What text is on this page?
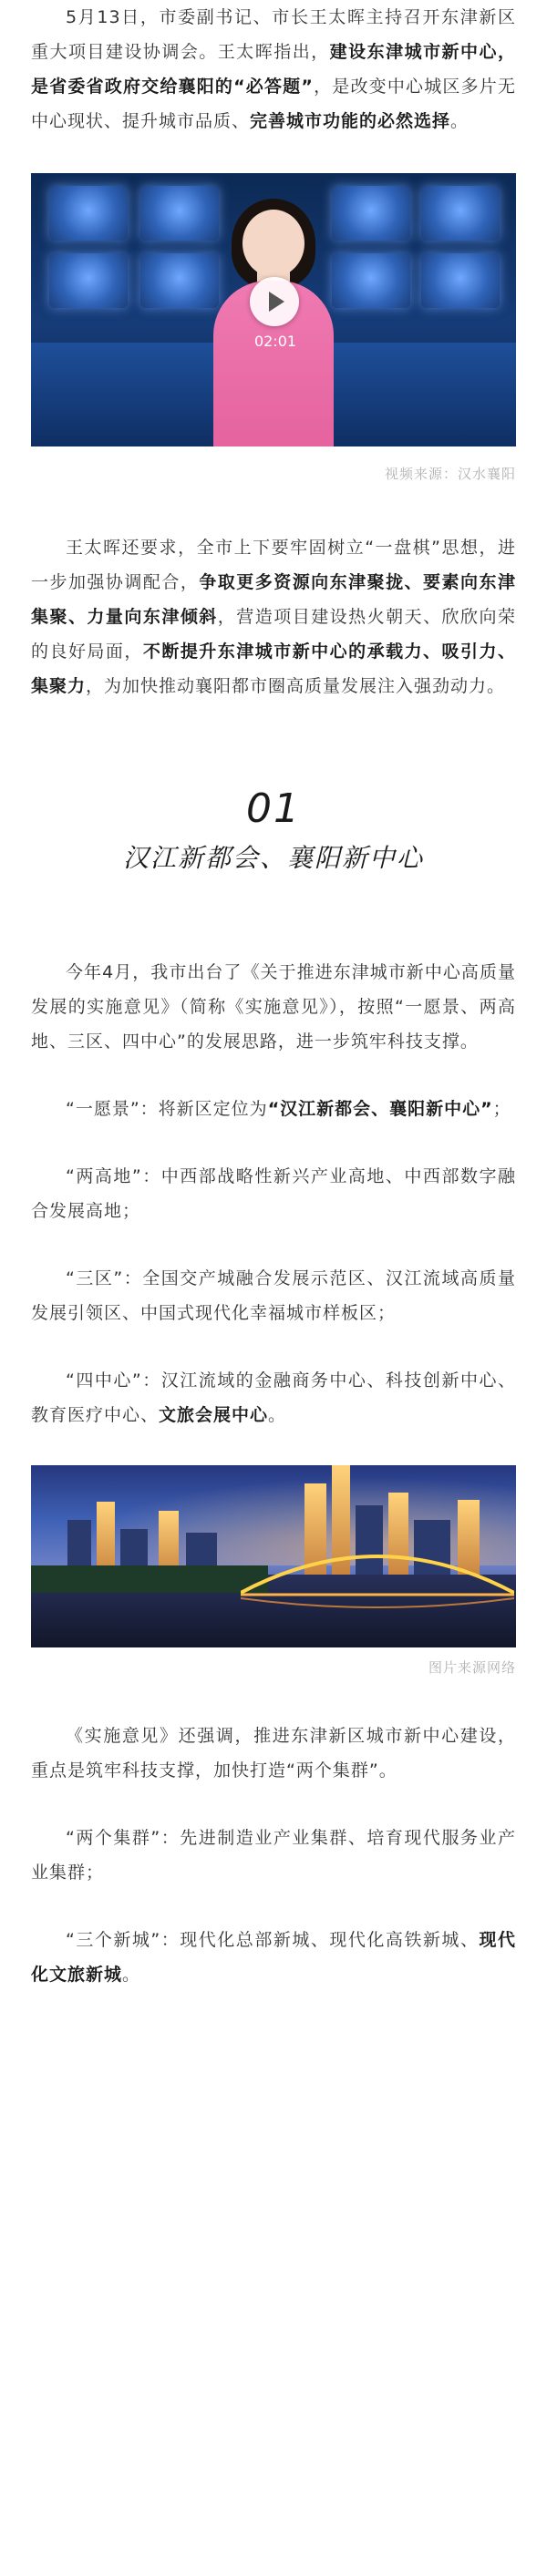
5月13日，市委副书记、市长王太晖主持召开东津新区重大项目建设协调会。王太晖指出，建设东津城市新中心，是省委省政府交给襄阳的“必答题”，是改变中心城区多片无中心现状、提升城市品质、完善城市功能的必然选择。

02:01
视频来源：汉水襄阳

王太晖还要求，全市上下要牢固树立“一盘棋”思想，进一步加强协调配合，争取更多资源向东津聚拢、要素向东津集聚、力量向东津倾斜，营造项目建设热火朝天、欣欣向荣的良好局面，不断提升东津城市新中心的承载力、吸引力、集聚力，为加快推动襄阳都市圈高质量发展注入强劲动力。

01
汉江新都会、襄阳新中心

今年4月，我市出台了《关于推进东津城市新中心高质量发展的实施意见》（简称《实施意见》），按照“一愿景、两高地、三区、四中心”的发展思路，进一步筑牢科技支撑。

“一愿景”：将新区定位为“汉江新都会、襄阳新中心”；

“两高地”：中西部战略性新兴产业高地、中西部数字融合发展高地；

“三区”：全国交产城融合发展示范区、汉江流域高质量发展引领区、中国式现代化幸福城市样板区；

“四中心”：汉江流域的金融商务中心、科技创新中心、教育医疗中心、文旅会展中心。

图片来源网络

《实施意见》还强调，推进东津新区城市新中心建设，重点是筑牢科技支撑，加快打造“两个集群”。

“两个集群”：先进制造业产业集群、培育现代服务业产业集群；

“三个新城”：现代化总部新城、现代化高铁新城、现代化文旅新城。
